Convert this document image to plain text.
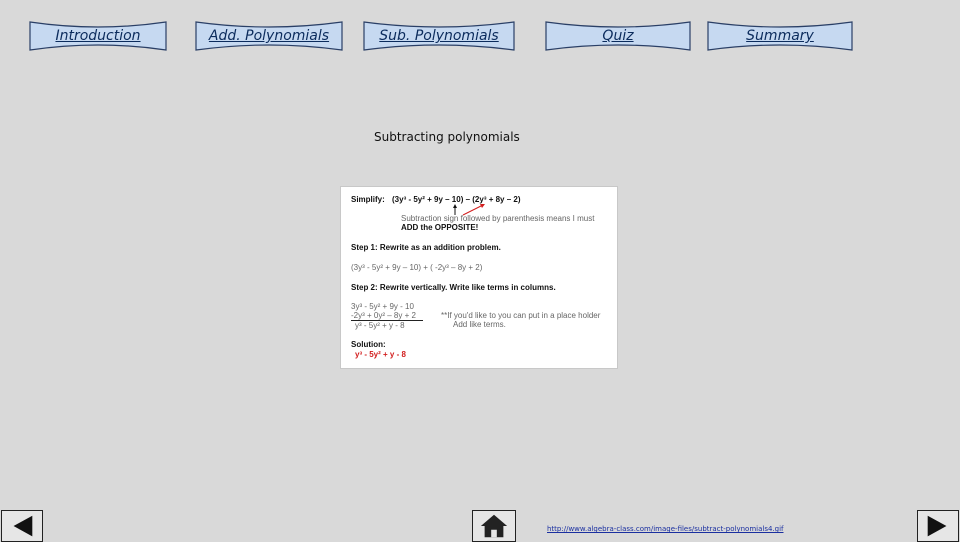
Introduction	Add. Polynomials	Sub. Polynomials	Quiz	Summary
Subtracting polynomials
Simplify: (3y³ - 5y² + 9y – 10) – (2y³ + 8y – 2)
Subtraction sign followed by parenthesis means I must
ADD the OPPOSITE!
Step 1: Rewrite as an addition problem.
(3y³ - 5y² + 9y – 10) + ( -2y³ – 8y + 2)
Step 2: Rewrite vertically. Write like terms in columns.
3y³ - 5y² + 9y - 10
-2y³ + 0y² – 8y + 2
y³ - 5y² + y - 8
**If you'd like to you can put in a place holder
Add like terms.
Solution:
y³ - 5y² + y - 8
http://www.algebra-class.com/image-files/subtract-polynomials4.gif
